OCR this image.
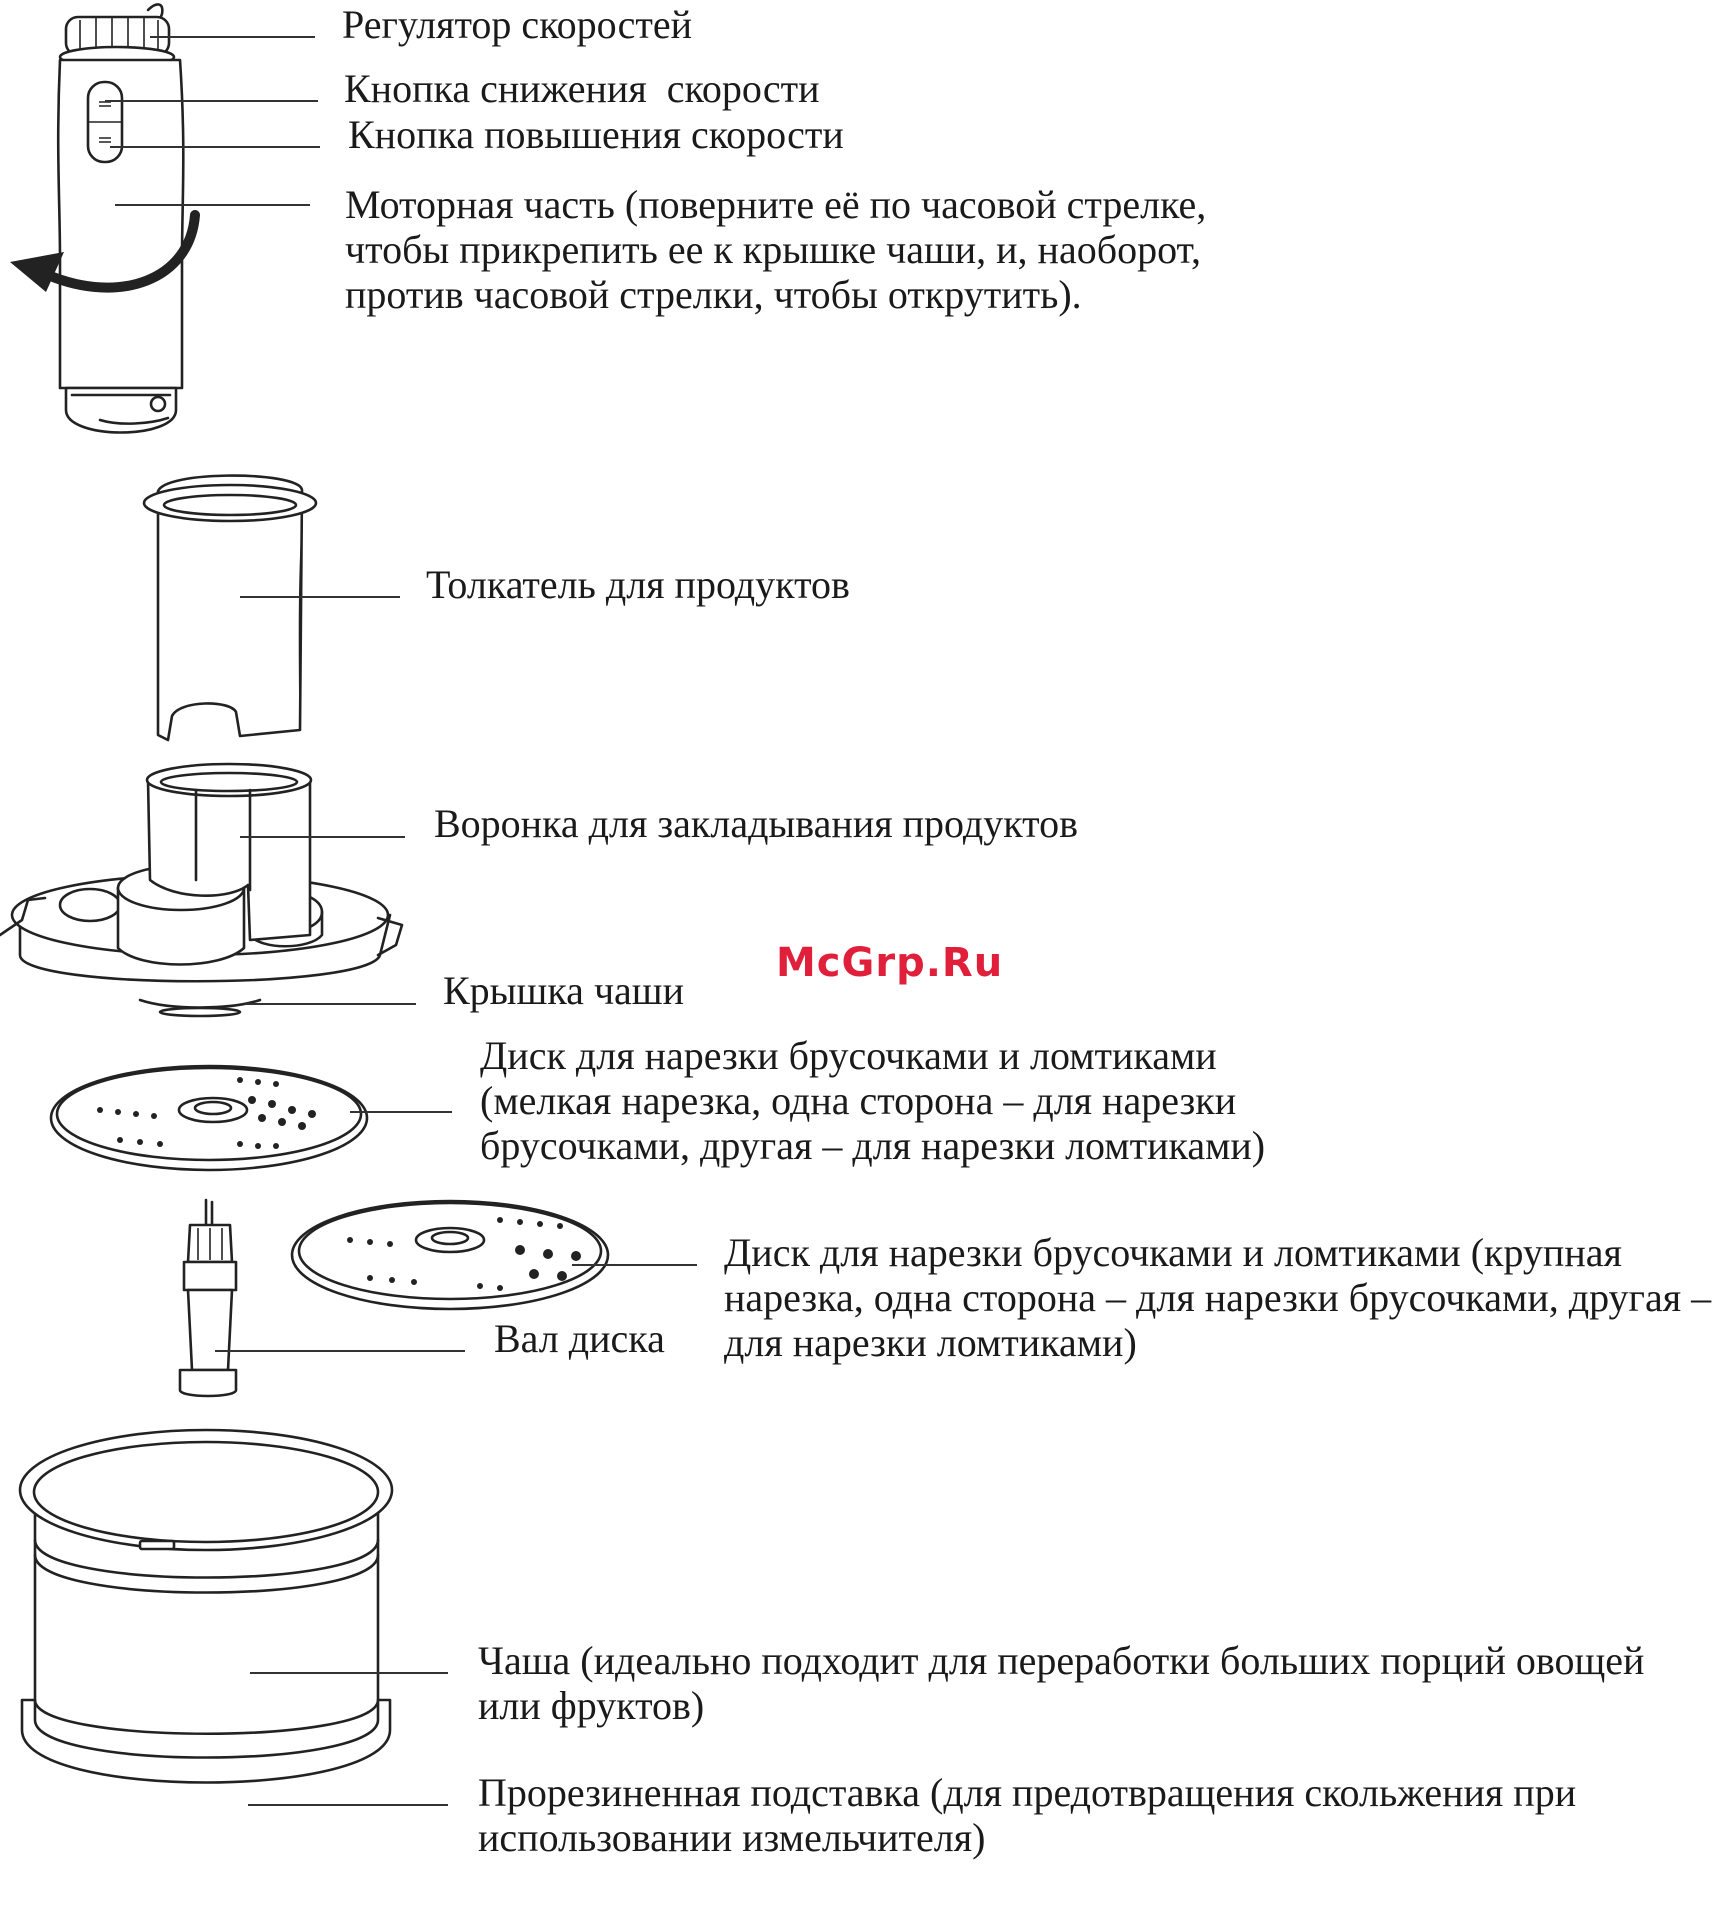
Регулятор скоростей
Кнопка снижения  скорости
Кнопка повышения скорости
Моторная часть (поверните её по часовой стрелке,
чтобы прикрепить ее к крышке чаши, и, наоборот,
против часовой стрелки, чтобы открутить).
Толкатель для продуктов
Воронка для закладывания продуктов
McGrp.Ru
Крышка чаши
Диск для нарезки брусочками и ломтиками
(мелкая нарезка, одна сторона – для нарезки
брусочками, другая – для нарезки ломтиками)
Диск для нарезки брусочками и ломтиками (крупная
нарезка, одна сторона – для нарезки брусочками, другая –
для нарезки ломтиками)
Вал диска
Чаша (идеально подходит для переработки больших порций овощей
или фруктов)
Прорезиненная подставка (для предотвращения скольжения при
использовании измельчителя)
